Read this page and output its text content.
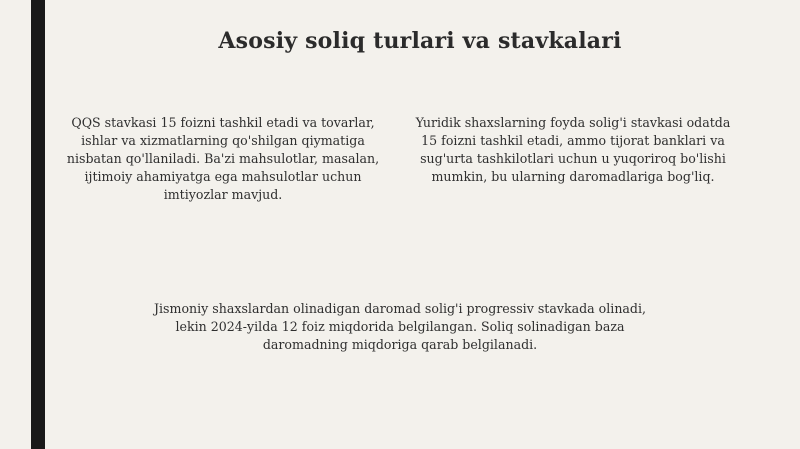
Asosiy soliq turlari va stavkalari

QQS stavkasi 15 foizni tashkil etadi va tovarlar, ishlar va xizmatlarning qo'shilgan qiymatiga nisbatan qo'llaniladi. Ba'zi mahsulotlar, masalan, ijtimoiy ahamiyatga ega mahsulotlar uchun imtiyozlar mavjud.

Yuridik shaxslarning foyda solig'i stavkasi odatda 15 foizni tashkil etadi, ammo tijorat banklari va sug'urta tashkilotlari uchun u yuqoriroq bo'lishi mumkin, bu ularning daromadlariga bog'liq.

Jismoniy shaxslardan olinadigan daromad solig'i progressiv stavkada olinadi, lekin 2024-yilda 12 foiz miqdorida belgilangan. Soliq solinadigan baza daromadning miqdoriga qarab belgilanadi.
